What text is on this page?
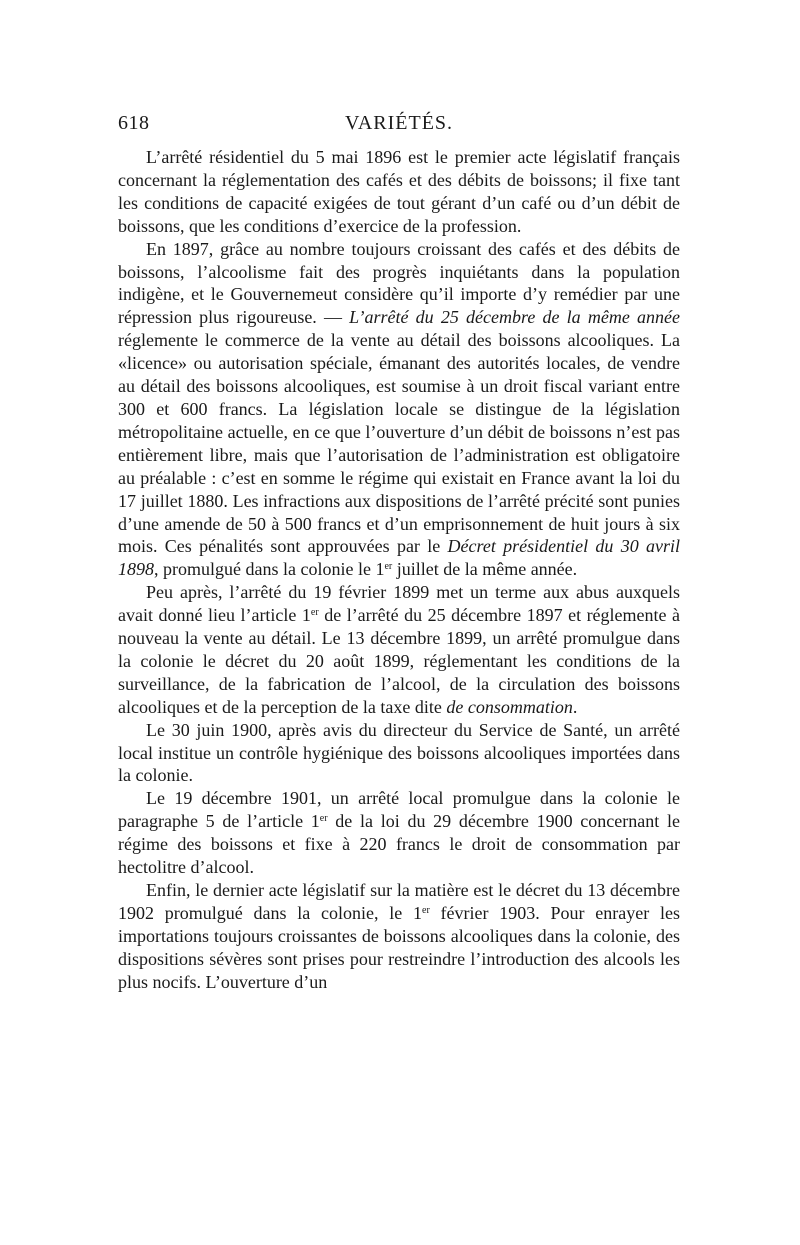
618	VARIÉTÉS.

L’arrêté résidentiel du 5 mai 1896 est le premier acte législatif français concernant la réglementation des cafés et des débits de boissons; il fixe tant les conditions de capacité exigées de tout gérant d’un café ou d’un débit de boissons, que les conditions d’exercice de la profession.

En 1897, grâce au nombre toujours croissant des cafés et des débits de boissons, l’alcoolisme fait des progrès inquiétants dans la population indigène, et le Gouvernemeut considère qu’il importe d’y remédier par une répression plus rigoureuse. — L’arrêté du 25 décembre de la même année réglemente le commerce de la vente au détail des boissons alcooliques. La «licence» ou autorisation spéciale, émanant des autorités locales, de vendre au détail des boissons alcooliques, est soumise à un droit fiscal variant entre 300 et 600 francs. La législation locale se distingue de la législation métropolitaine actuelle, en ce que l’ouverture d’un débit de boissons n’est pas entièrement libre, mais que l’autorisation de l’administration est obligatoire au préalable : c’est en somme le régime qui existait en France avant la loi du 17 juillet 1880. Les infractions aux dispositions de l’arrêté précité sont punies d’une amende de 50 à 500 francs et d’un emprisonnement de huit jours à six mois. Ces pénalités sont approuvées par le Décret présidentiel du 30 avril 1898, promulgué dans la colonie le 1er juillet de la même année.

Peu après, l’arrêté du 19 février 1899 met un terme aux abus auxquels avait donné lieu l’article 1er de l’arrêté du 25 décembre 1897 et réglemente à nouveau la vente au détail. Le 13 décembre 1899, un arrêté promulgue dans la colonie le décret du 20 août 1899, réglementant les conditions de la surveillance, de la fabrication de l’alcool, de la circulation des boissons alcooliques et de la perception de la taxe dite de consommation.

Le 30 juin 1900, après avis du directeur du Service de Santé, un arrêté local institue un contrôle hygiénique des boissons alcooliques importées dans la colonie.

Le 19 décembre 1901, un arrêté local promulgue dans la colonie le paragraphe 5 de l’article 1er de la loi du 29 décembre 1900 concernant le régime des boissons et fixe à 220 francs le droit de consommation par hectolitre d’alcool.

Enfin, le dernier acte législatif sur la matière est le décret du 13 décembre 1902 promulgué dans la colonie, le 1er février 1903. Pour enrayer les importations toujours croissantes de boissons alcooliques dans la colonie, des dispositions sévères sont prises pour restreindre l’introduction des alcools les plus nocifs. L’ouverture d’un
